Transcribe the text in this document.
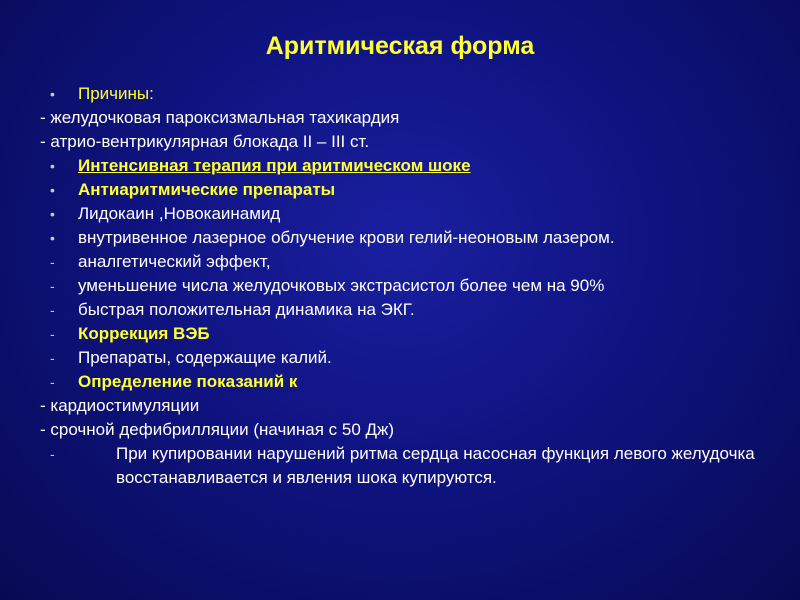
Аритмическая форма
•	Причины:
- желудочковая пароксизмальная тахикардия
- атрио-вентрикулярная блокада II – III ст.
•	Интенсивная терапия при аритмическом шоке
•	Антиаритмические препараты
•	Лидокаин ,Новокаинамид
•	внутривенное лазерное облучение крови гелий-неоновым лазером.
-	аналгетический эффект,
-	уменьшение числа желудочковых экстрасистол более чем на 90%
-	быстрая положительная динамика на ЭКГ.
-	Коррекция ВЭБ
-	Препараты, содержащие калий.
-	Определение показаний к
- кардиостимуляции
- срочной дефибрилляции (начиная с 50 Дж)
-	При купировании нарушений ритма сердца насосная функция левого желудочка восстанавливается и явления шока купируются.
